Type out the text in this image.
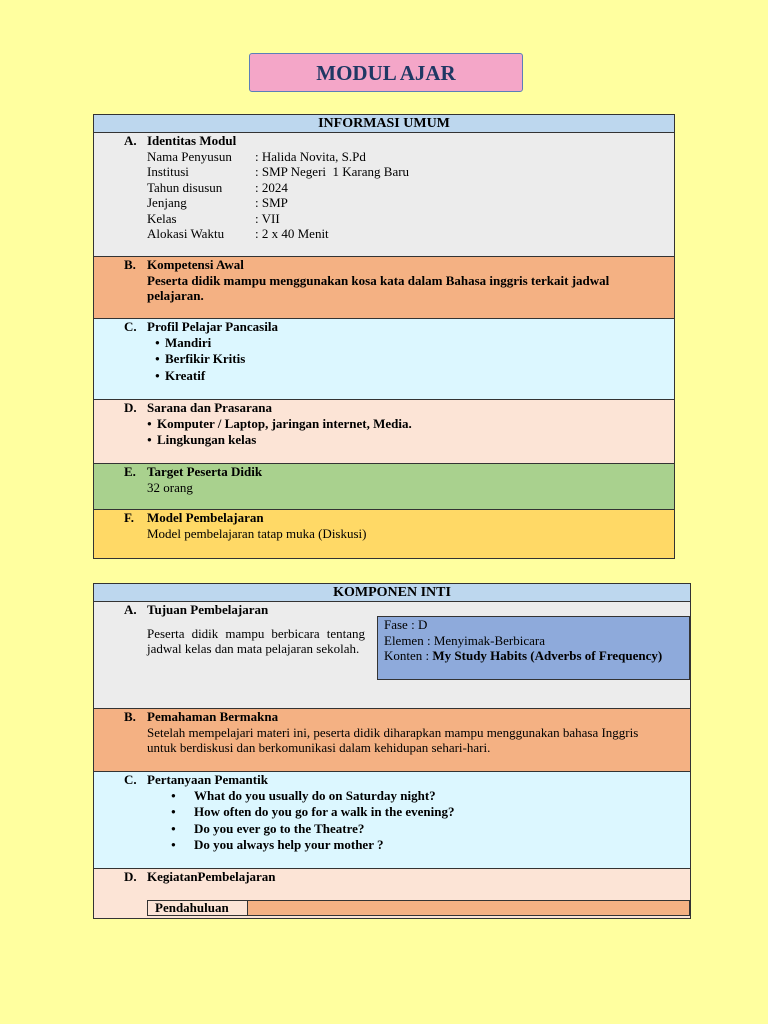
MODUL AJAR
INFORMASI UMUM
A. Identitas Modul
Nama Penyusun	: Halida Novita, S.Pd
Institusi	: SMP Negeri  1 Karang Baru
Tahun disusun	: 2024
Jenjang	: SMP
Kelas	: VII
Alokasi Waktu	: 2 x 40 Menit
B. Kompetensi Awal
Peserta didik mampu menggunakan kosa kata dalam Bahasa inggris terkait jadwal pelajaran.
C. Profil Pelajar Pancasila
● Mandiri
● Berfikir Kritis
● Kreatif
D. Sarana dan Prasarana
● Komputer / Laptop, jaringan internet, Media.
● Lingkungan kelas
E. Target Peserta Didik
32 orang
F. Model Pembelajaran
Model pembelajaran tatap muka (Diskusi)
KOMPONEN INTI
A. Tujuan Pembelajaran
Peserta didik mampu berbicara tentang jadwal kelas dan mata pelajaran sekolah.
Fase : D
Elemen : Menyimak-Berbicara
Konten : My Study Habits (Adverbs of Frequency)
B. Pemahaman Bermakna
Setelah mempelajari materi ini, peserta didik diharapkan mampu menggunakan bahasa Inggris untuk berdiskusi dan berkomunikasi dalam kehidupan sehari-hari.
C. Pertanyaan Pemantik
● What do you usually do on Saturday night?
● How often do you go for a walk in the evening?
● Do you ever go to the Theatre?
● Do you always help your mother ?
D. KegiatanPembelajaran
Pendahuluan
